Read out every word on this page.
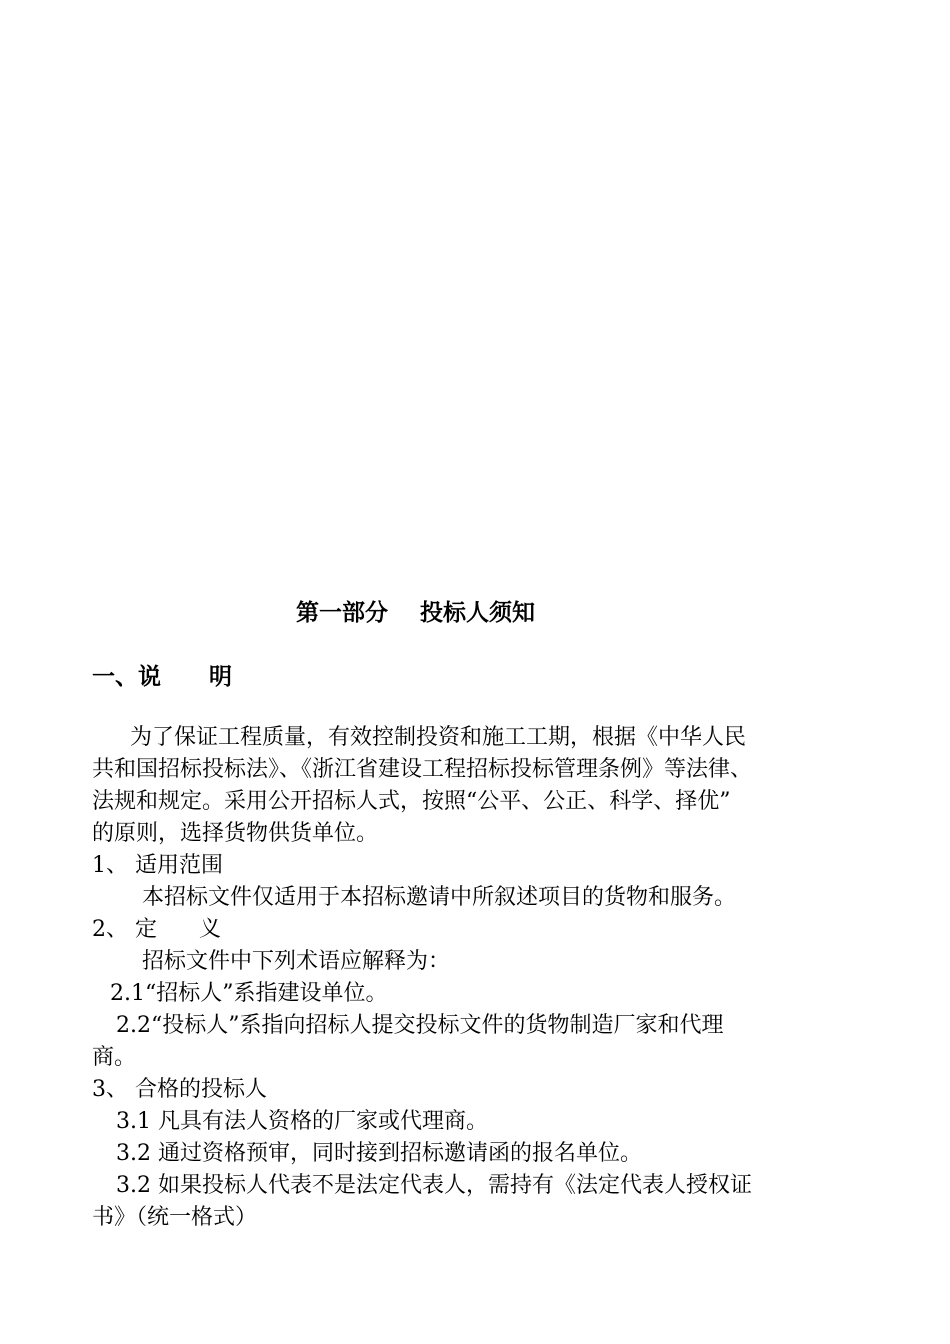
第一部分    投标人须知
一、说      明

为了保证工程质量，有效控制投资和施工工期，根据《中华人民

共和国招标投标法》、《浙江省建设工程招标投标管理条例》等法律、

法规和规定。采用公开招标人式，按照“公平、公正、科学、择优”

的原则，选择货物供货单位。

1、 适用范围

本招标文件仅适用于本招标邀请中所叙述项目的货物和服务。

2、 定      义

招标文件中下列术语应解释为：

2.1“招标人”系指建设单位。

2.2“投标人”系指向招标人提交投标文件的货物制造厂家和代理

商。

3、 合格的投标人

3.1 凡具有法人资格的厂家或代理商。

3.2 通过资格预审，同时接到招标邀请函的报名单位。

3.2 如果投标人代表不是法定代表人，需持有《法定代表人授权证

书》（统一格式）
